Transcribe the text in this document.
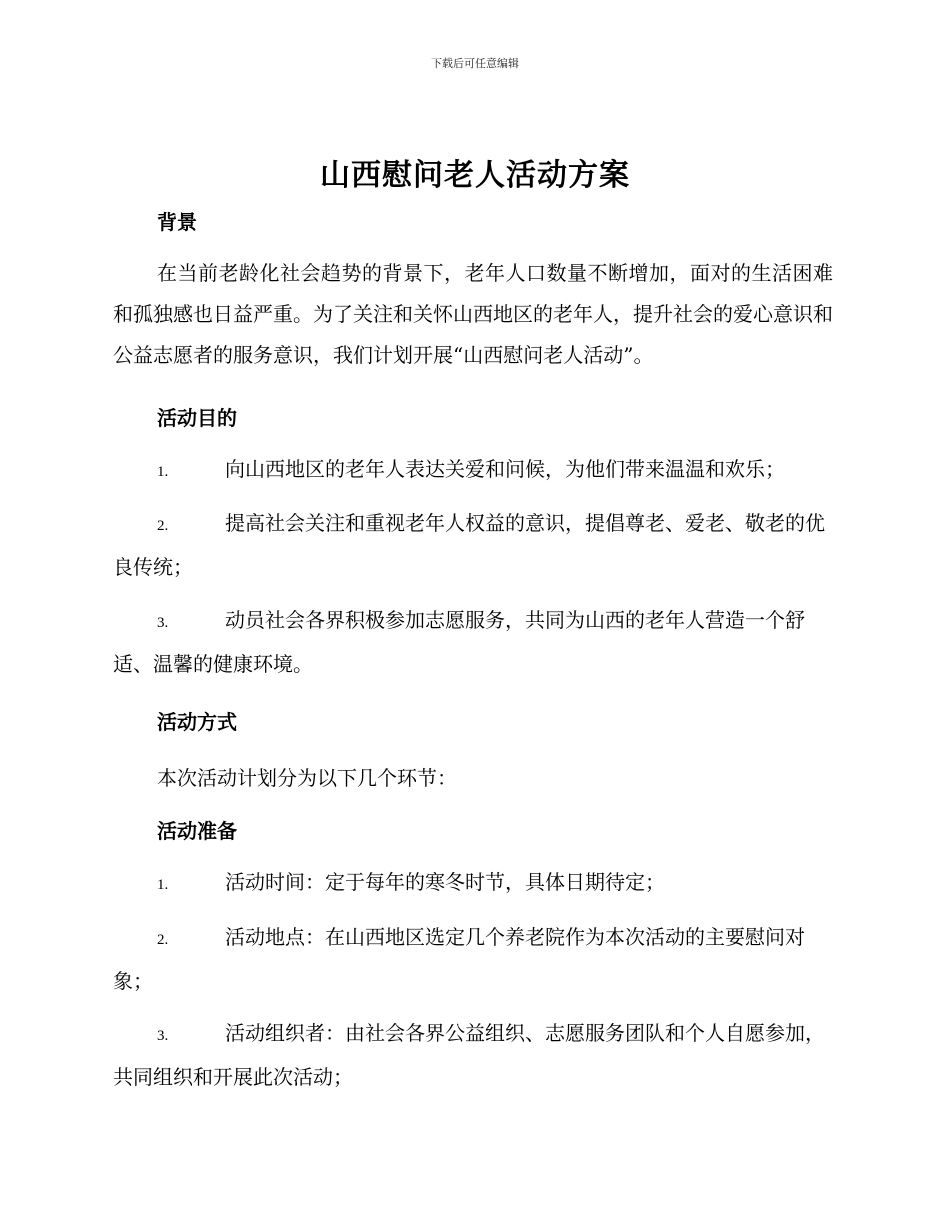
下载后可任意编辑
山西慰问老人活动方案
背景
在当前老龄化社会趋势的背景下，老年人口数量不断增加，面对的生活困难和孤独感也日益严重。为了关注和关怀山西地区的老年人，提升社会的爱心意识和公益志愿者的服务意识，我们计划开展“山西慰问老人活动”。
活动目的
1.	向山西地区的老年人表达关爱和问候，为他们带来温温和欢乐；
2.	提高社会关注和重视老年人权益的意识，提倡尊老、爱老、敬老的优良传统；
3.	动员社会各界积极参加志愿服务，共同为山西的老年人营造一个舒适、温馨的健康环境。
活动方式
本次活动计划分为以下几个环节：
活动准备
1.	活动时间：定于每年的寒冬时节，具体日期待定；
2.	活动地点：在山西地区选定几个养老院作为本次活动的主要慰问对象；
3.	活动组织者：由社会各界公益组织、志愿服务团队和个人自愿参加，共同组织和开展此次活动；
